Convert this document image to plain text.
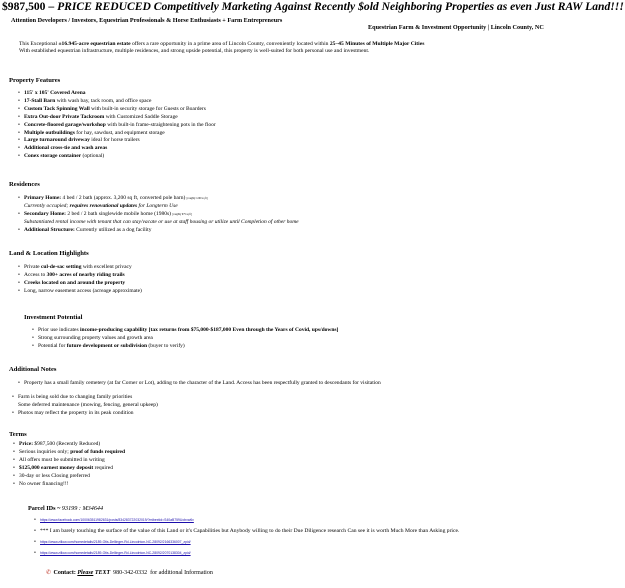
$987,500 – PRICE REDUCED Competitively Marketing Against Recently $old Neighboring Properties as even Just RAW Land!!!
Attention Developers / Investors, Equestrian Professionals & Horse Enthusiasts + Farm Entrepreneurs
Equestrian Farm & Investment Opportunity | Lincoln County, NC
This Exceptional ±16.945-acre equestrian estate offers a rare opportunity in a prime area of Lincoln County, conveniently located within 25–45 Minutes of Multiple Major Cities
With established equestrian infrastructure, multiple residences, and strong upside potential, this property is well-suited for both personal use and investment.
Property Features
• 115' x 105' Covered Arena
• 17-Stall Barn with wash bay, tack room, and office space
• Custom Tack Spinning Wall with built-in security storage for Guests or Boarders
• Extra Out-door Private Tackroom with Customized Saddle Storage
• Concrete-floored garage/workshop with built-in frame-straightening pots in the floor
• Multiple outbuildings for hay, sawdust, and equipment storage
• Large turnaround driveway ideal for horse trailers
• Additional cross-tie and wash areas
• Conex storage container (optional)
Residences
• Primary Home: 4 bed / 2 bath (approx. 3,200 sq ft, converted pole barn) [roughly 1200 sq ft]
Currently occupied; requires renovational updates for Longterm Use
• Secondary Home: 2 bed / 2 bath singlewide mobile home (1980s) [roughly 975 sq ft]
Substantiated rental income with tenant that can stay/vacate or use at staff housing or utilize until Completion of other home
• Additional Structure: Currently utilized as a dog facility
Land & Location Highlights
• Private cul-de-sac setting with excellent privacy
• Access to 300+ acres of nearby riding trails
• Creeks located on and around the property
• Long, narrow easement access (acreage approximate)
Investment Potential
• Prior use indicates income-producing capability [tax returns from $75,000-$187,000 Even through the Years of Covid, ups/downs]
• Strong surrounding property values and growth area
• Potential for future development or subdivision (buyer to verify)
Additional Notes
• Property has a small family cemetery (at far Corner or Lot), adding to the character of the Land. Access has been respectfully granted to descendants for visitation
• Farm is being sold due to changing family priorities
Some deferred maintenance (mowing, fencing, general upkeep)
• Photos may reflect the property in its peak condition
Terms
• Price: $987,500 (Recently Reduced)
• Serious inquiries only; proof of funds required
• All offers must be submitted in writing
• $125,000 earnest money deposit required
• 30-day or less Closing preferred
• No owner financing!!!
Parcel IDs ~ 93199 : M34644
• https://www.facebook.com/100063511982631/posts/834283722032019/?mibextid=S40aB759Uobxw6v
• *** I am barely touching the surface of the value of this Land or it's Capabilities but Anybody willing to do their Due Diligence research Can see it is worth Much More than Asking price.
• https://www.zillow.com/homedetails/2189-Otis-Dellinger-Rd-Lincolnton-NC-28092/2166336007_zpid/
• https://www.zillow.com/homedetails/2189-Otis-Dellinger-Rd-Lincolnton-NC-28092/2070138304_zpid/
✆ Contact: Please TEXT 980-342-0332 for additional Information
